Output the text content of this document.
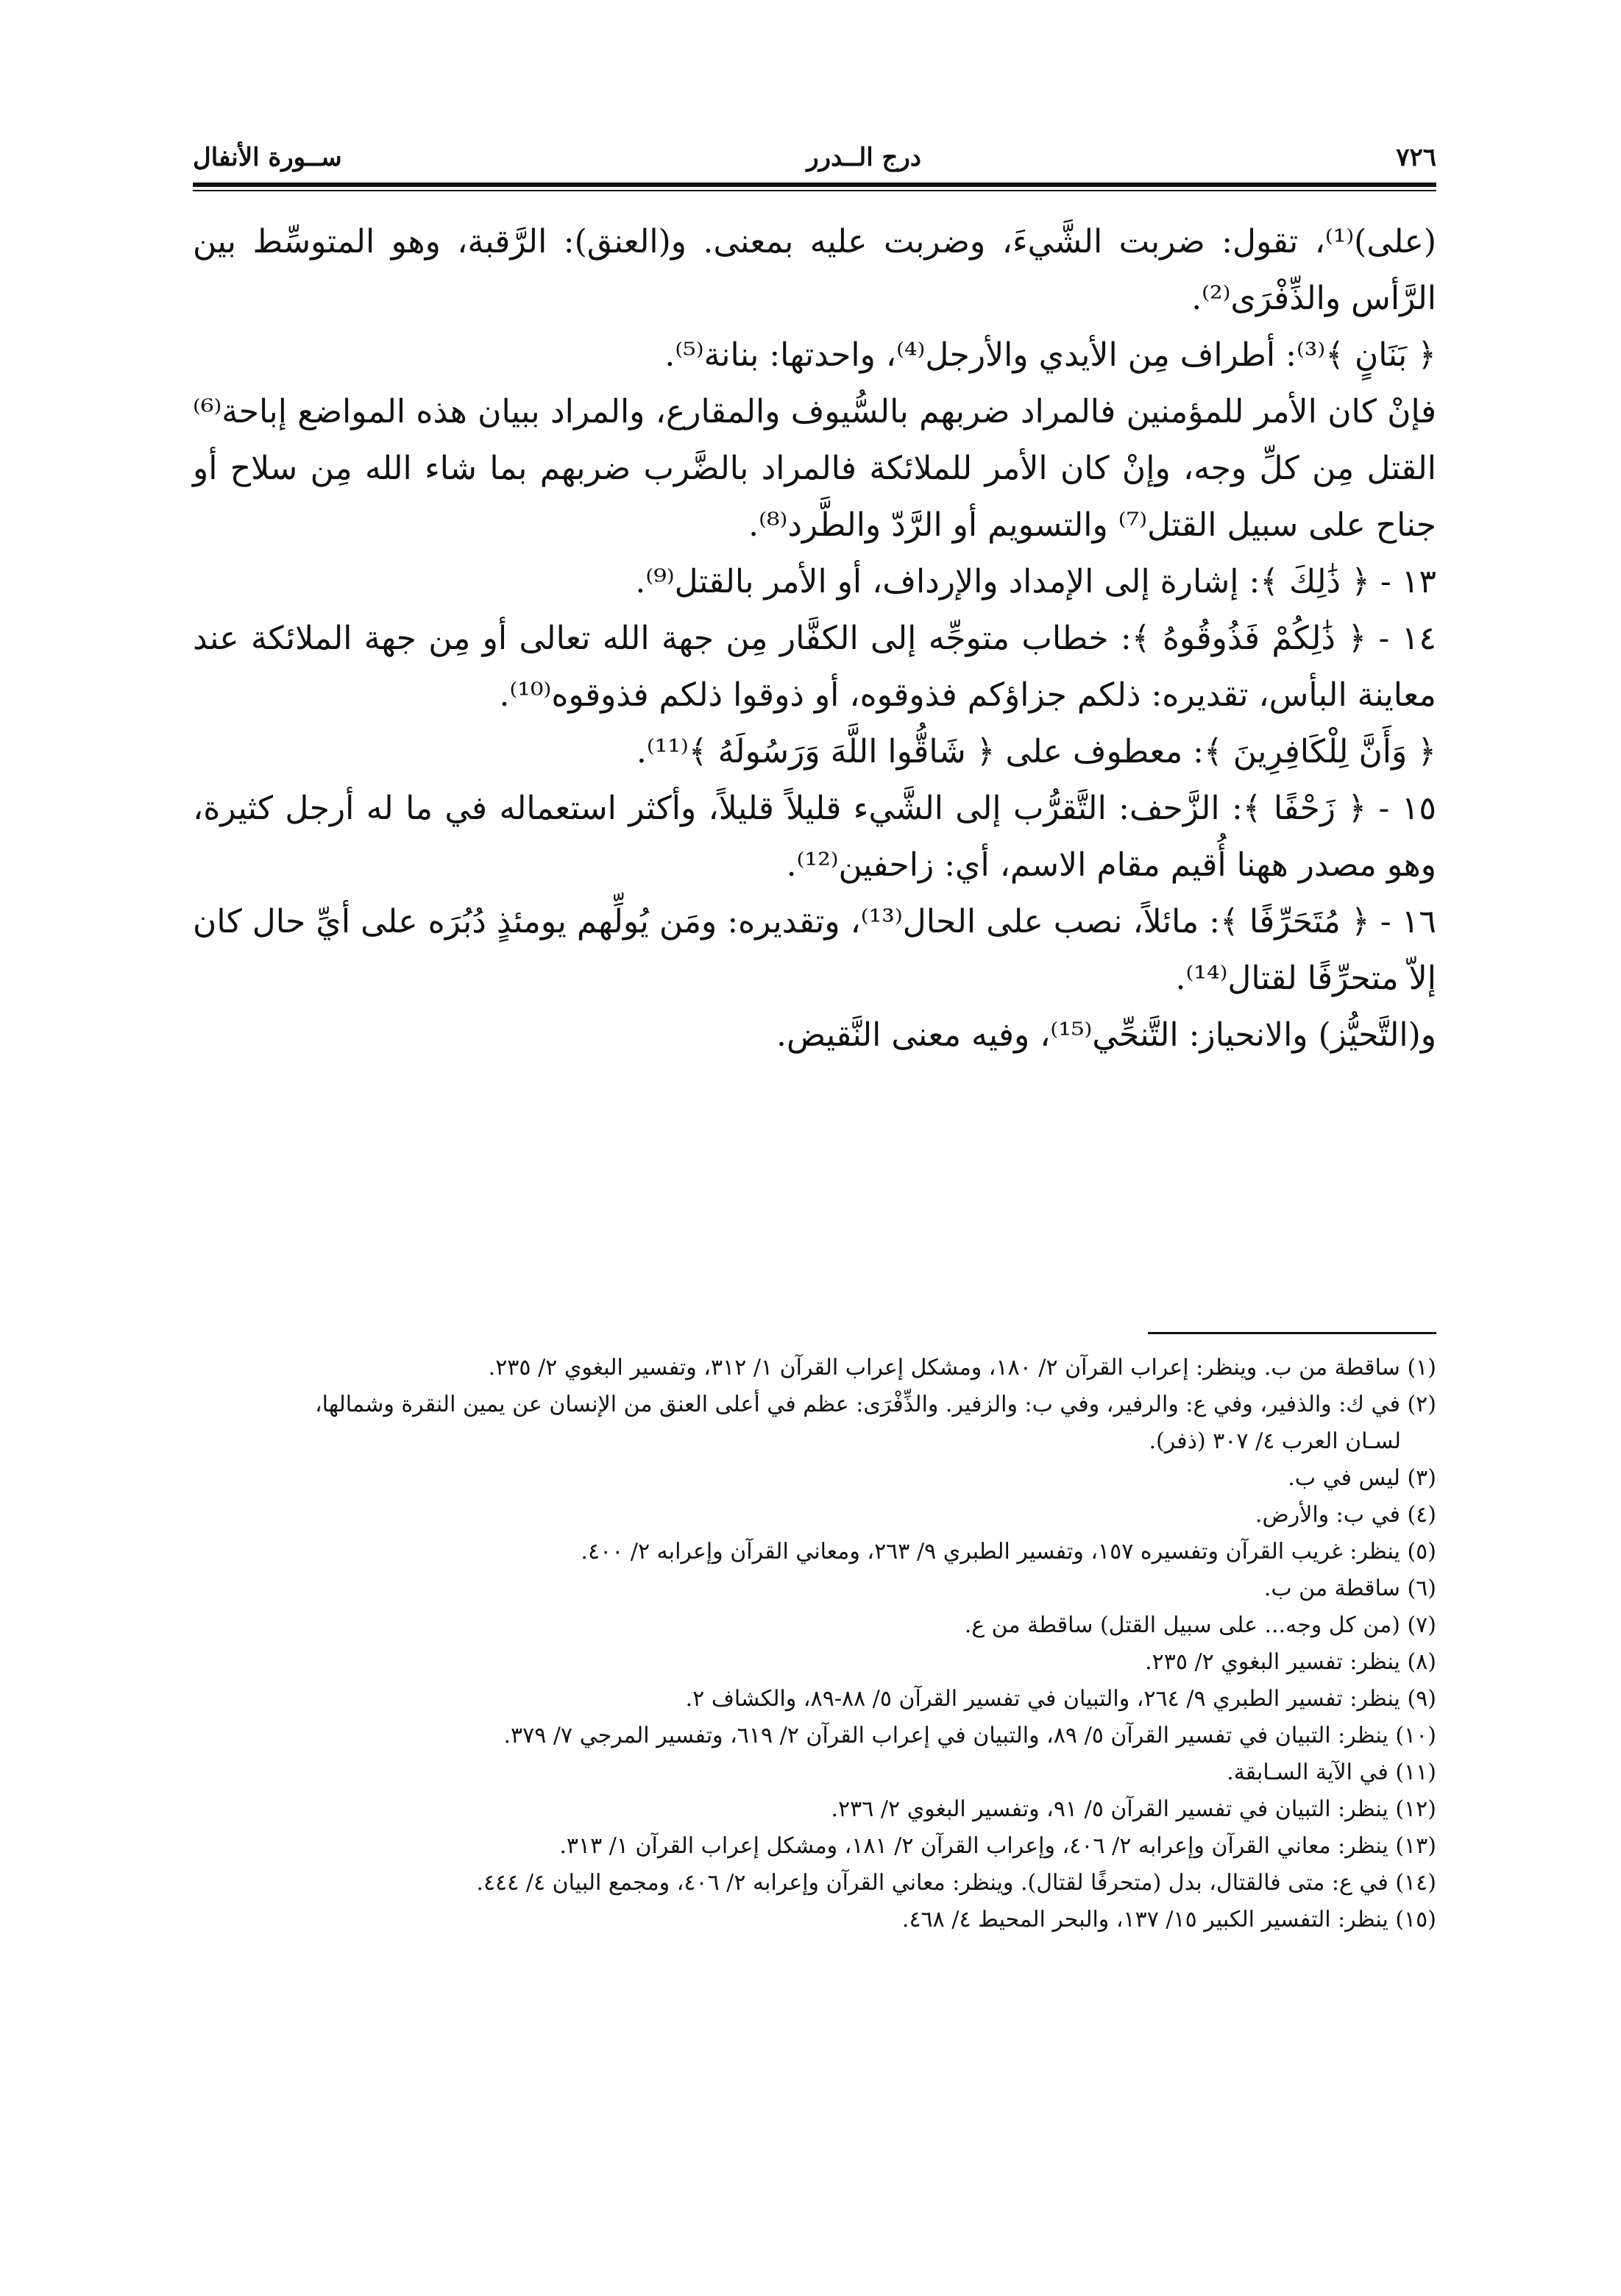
٧٢٦
درج الــدرر
ســورة الأنفال

(على)⁽¹⁾، تقول: ضربت الشَّيءَ، وضربت عليه بمعنى. و(العنق): الرَّقبة، وهو المتوسِّط بين الرَّأس والذِّفْرَى⁽²⁾.

﴿ بَنَانٍ ﴾⁽³⁾: أطراف مِن الأيدي والأرجل⁽⁴⁾، واحدتها: بنانة⁽⁵⁾.

فإنْ كان الأمر للمؤمنين فالمراد ضربهم بالسُّيوف والمقارع، والمراد ببيان هذه المواضع إباحة⁽⁶⁾ القتل مِن كلِّ وجه، وإنْ كان الأمر للملائكة فالمراد بالضَّرب ضربهم بما شاء الله مِن سلاح أو جناح على سبيل القتل⁽⁷⁾ والتسويم أو الرَّدّ والطَّرد⁽⁸⁾.

١٣ - ﴿ ذَٰلِكَ ﴾: إشارة إلى الإمداد والإرداف، أو الأمر بالقتل⁽⁹⁾.

١٤ - ﴿ ذَٰلِكُمْ فَذُوقُوهُ ﴾: خطاب متوجِّه إلى الكفَّار مِن جهة الله تعالى أو مِن جهة الملائكة عند معاينة البأس، تقديره: ذلكم جزاؤكم فذوقوه، أو ذوقوا ذلكم فذوقوه⁽¹⁰⁾.

﴿ وَأَنَّ لِلْكَافِرِينَ ﴾: معطوف على ﴿ شَاقُّوا اللَّهَ وَرَسُولَهُ ﴾⁽¹¹⁾.

١٥ - ﴿ زَحْفًا ﴾: الزَّحف: التَّقرُّب إلى الشَّيء قليلاً قليلاً، وأكثر استعماله في ما له أرجل كثيرة، وهو مصدر ههنا أُقيم مقام الاسم، أي: زاحفين⁽¹²⁾.

١٦ - ﴿ مُتَحَرِّفًا ﴾: مائلاً، نصب على الحال⁽¹³⁾، وتقديره: ومَن يُولِّهم يومئذٍ دُبُرَه على أيِّ حال كان إلاّ متحرِّفًا لقتال⁽¹⁴⁾.

و(التَّحيُّز) والانحياز: التَّنحِّي⁽¹⁵⁾، وفيه معنى النَّقيض.

(١) ساقطة من ب. وينظر: إعراب القرآن ٢/ ١٨٠، ومشكل إعراب القرآن ١/ ٣١٢، وتفسير البغوي ٢/ ٢٣٥.

(٢) في ك: والذفير، وفي ع: والرفير، وفي ب: والزفير. والذِّفْرَى: عظم في أعلى العنق من الإنسان عن يمين النقرة وشمالها،

لسـان العرب ٤/ ٣٠٧ (ذفر).

(٣) ليس في ب.

(٤) في ب: والأرض.

(٥) ينظر: غريب القرآن وتفسيره ١٥٧، وتفسير الطبري ٩/ ٢٦٣، ومعاني القرآن وإعرابه ٢/ ٤٠٠.

(٦) ساقطة من ب.

(٧) (من كل وجه... على سبيل القتل) ساقطة من ع.

(٨) ينظر: تفسير البغوي ٢/ ٢٣٥.

(٩) ينظر: تفسير الطبري ٩/ ٢٦٤، والتبيان في تفسير القرآن ٥/ ٨٨-٨٩، والكشاف ٢.

(١٠) ينظر: التبيان في تفسير القرآن ٥/ ٨٩، والتبيان في إعراب القرآن ٢/ ٦١٩، وتفسير المرجي ٧/ ٣٧٩.

(١١) في الآية السـابقة.

(١٢) ينظر: التبيان في تفسير القرآن ٥/ ٩١، وتفسير البغوي ٢/ ٢٣٦.

(١٣) ينظر: معاني القرآن وإعرابه ٢/ ٤٠٦، وإعراب القرآن ٢/ ١٨١، ومشكل إعراب القرآن ١/ ٣١٣.

(١٤) في ع: متى فالقتال، بدل (متحرفًا لقتال). وينظر: معاني القرآن وإعرابه ٢/ ٤٠٦، ومجمع البيان ٤/ ٤٤٤.

(١٥) ينظر: التفسير الكبير ١٥/ ١٣٧، والبحر المحيط ٤/ ٤٦٨.
